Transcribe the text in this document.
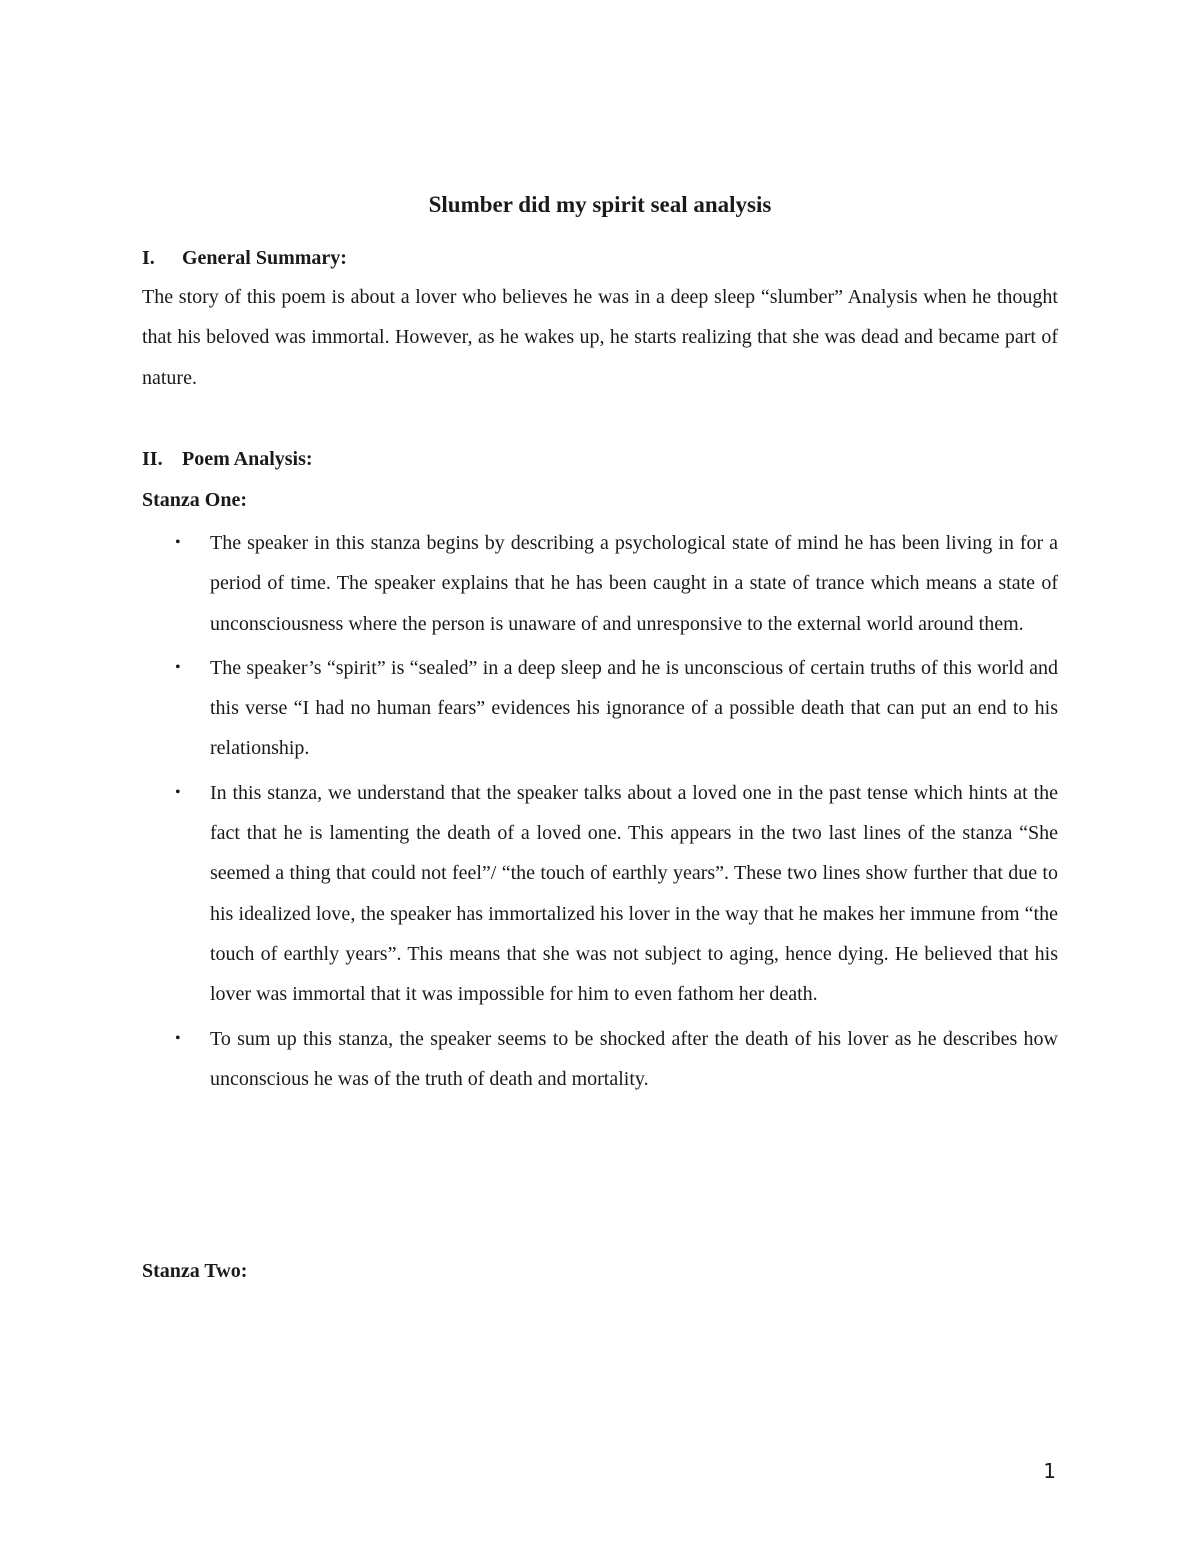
Slumber did my spirit seal analysis
I. General Summary:
The story of this poem is about a lover who believes he was in a deep sleep “slumber” Analysis when he thought that his beloved was immortal. However, as he wakes up, he starts realizing that she was dead and became part of nature.
II. Poem Analysis:
Stanza One:
• The speaker in this stanza begins by describing a psychological state of mind he has been living in for a period of time. The speaker explains that he has been caught in a state of trance which means a state of unconsciousness where the person is unaware of and unresponsive to the external world around them.
• The speaker’s “spirit” is “sealed” in a deep sleep and he is unconscious of certain truths of this world and this verse “I had no human fears” evidences his ignorance of a possible death that can put an end to his relationship.
• In this stanza, we understand that the speaker talks about a loved one in the past tense which hints at the fact that he is lamenting the death of a loved one. This appears in the two last lines of the stanza “She seemed a thing that could not feel”/ “the touch of earthly years”. These two lines show further that due to his idealized love, the speaker has immortalized his lover in the way that he makes her immune from “the touch of earthly years”. This means that she was not subject to aging, hence dying. He believed that his lover was immortal that it was impossible for him to even fathom her death.
• To sum up this stanza, the speaker seems to be shocked after the death of his lover as he describes how unconscious he was of the truth of death and mortality.
Stanza Two:
1
